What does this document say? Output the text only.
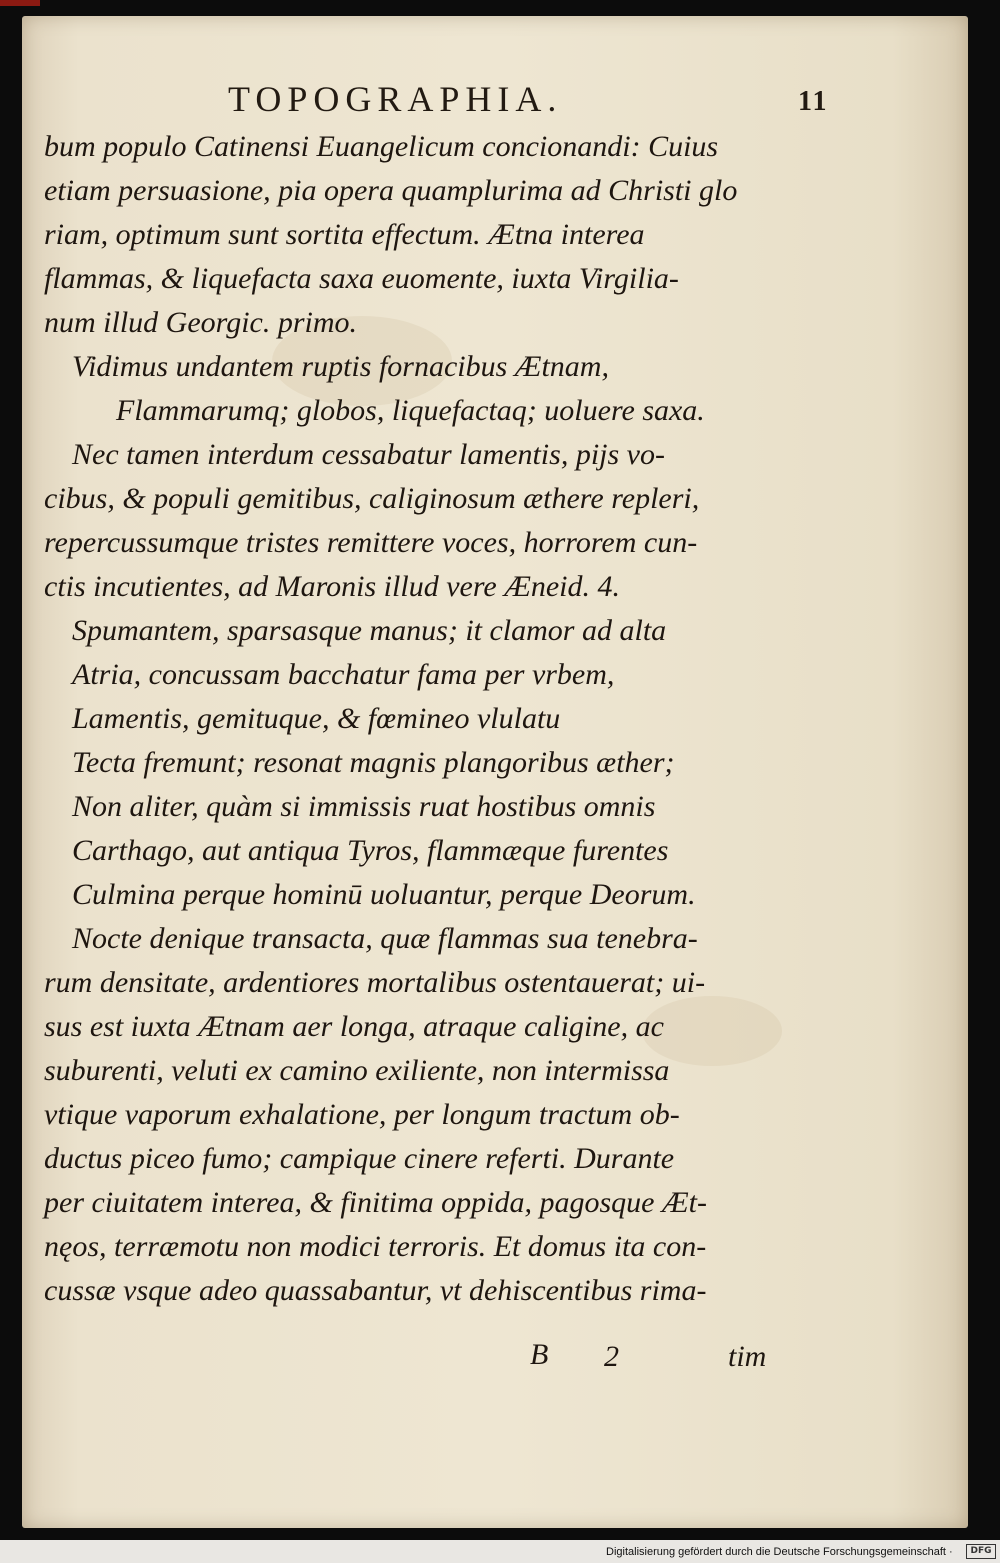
TOPOGRAPHIA.	11
bum populo Catinensi Euangelicum concionandi: Cuius
etiam persuasione, pia opera quamplurima ad Christi glo
riam, optimum sunt sortita effectum. Ætna interea
flammas, & liquefacta saxa euomente, iuxta Virgilia-
num illud Georgic. primo.
Vidimus undantem ruptis fornacibus Ætnam,
Flammarumq; globos, liquefactaq; uoluere saxa.
Nec tamen interdum cessabatur lamentis, pijs vo-
cibus, & populi gemitibus, caliginosum æthere repleri,
repercussumque tristes remittere voces, horrorem cun-
ctis incutientes, ad Maronis illud vere Æneid. 4.
Spumantem, sparsasque manus; it clamor ad alta
Atria, concussam bacchatur fama per vrbem,
Lamentis, gemituque, & fœmineo vlulatu
Tecta fremunt; resonat magnis plangoribus æther;
Non aliter, quàm si immissis ruat hostibus omnis
Carthago, aut antiqua Tyros, flammæque furentes
Culmina perque hominū uoluantur, perque Deorum.
Nocte denique transacta, quæ flammas sua tenebra-
rum densitate, ardentiores mortalibus ostentauerat; ui-
sus est iuxta Ætnam aer longa, atraque caligine, ac
suburenti, veluti ex camino exiliente, non intermissa
vtique vaporum exhalatione, per longum tractum ob-
ductus piceo fumo; campique cinere referti. Durante
per ciuitatem interea, & finitima oppida, pagosque Æt-
nęos, terræmotu non modici terroris. Et domus ita con-
cussæ vsque adeo quassabantur, vt dehiscentibus rima-
B 2	tim
Digitalisierung gefördert durch die Deutsche Forschungsgemeinschaft ·	DFG
